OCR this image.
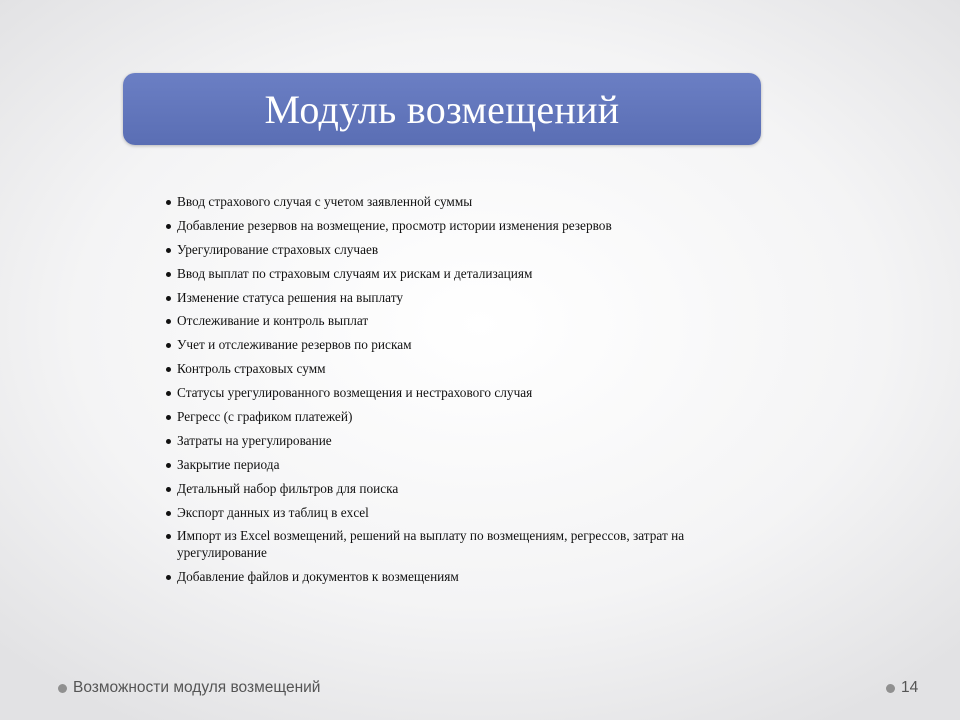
Модуль возмещений
Ввод страхового случая с учетом заявленной суммы
Добавление резервов на возмещение, просмотр истории изменения резервов
Урегулирование страховых случаев
Ввод выплат по страховым случаям их рискам и детализациям
Изменение статуса решения на выплату
Отслеживание и контроль выплат
Учет и отслеживание резервов по рискам
Контроль страховых сумм
Статусы урегулированного возмещения и нестрахового случая
Регресс (с графиком платежей)
Затраты на урегулирование
Закрытие периода
Детальный набор фильтров для поиска
Экспорт данных из таблиц в excel
Импорт из Excel возмещений, решений на выплату по возмещениям, регрессов, затрат на урегулирование
Добавление файлов и документов к возмещениям
Возможности модуля возмещений	14
